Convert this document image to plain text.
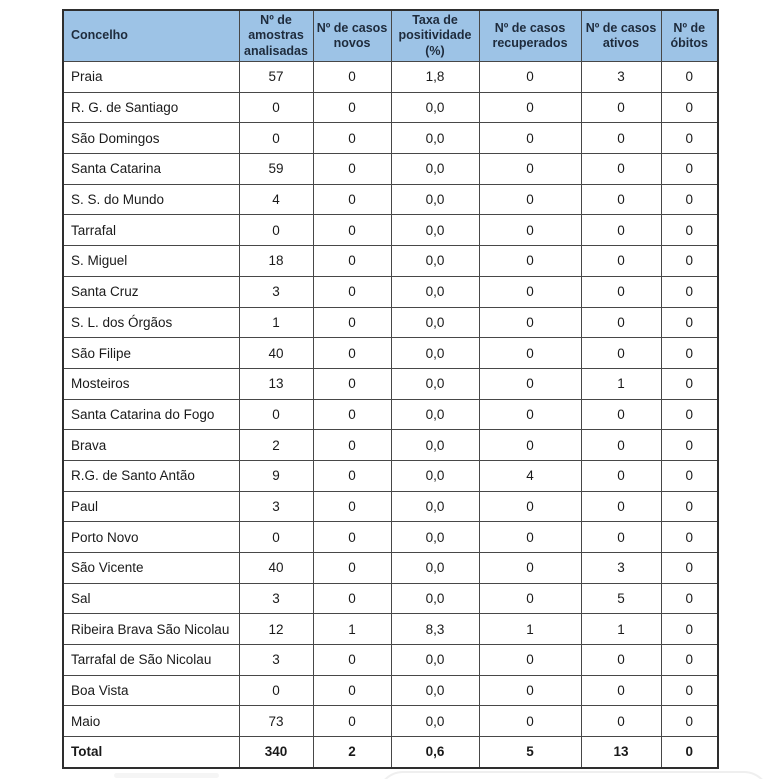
Concelho	Nº de amostras analisadas	Nº de casos novos	Taxa de positividade (%)	Nº de casos recuperados	Nº de casos ativos	Nº de óbitos
Praia	57	0	1,8	0	3	0
R. G. de Santiago	0	0	0,0	0	0	0
São Domingos	0	0	0,0	0	0	0
Santa Catarina	59	0	0,0	0	0	0
S. S. do Mundo	4	0	0,0	0	0	0
Tarrafal	0	0	0,0	0	0	0
S. Miguel	18	0	0,0	0	0	0
Santa Cruz	3	0	0,0	0	0	0
S. L. dos Órgãos	1	0	0,0	0	0	0
São Filipe	40	0	0,0	0	0	0
Mosteiros	13	0	0,0	0	1	0
Santa Catarina do Fogo	0	0	0,0	0	0	0
Brava	2	0	0,0	0	0	0
R.G. de Santo Antão	9	0	0,0	4	0	0
Paul	3	0	0,0	0	0	0
Porto Novo	0	0	0,0	0	0	0
São Vicente	40	0	0,0	0	3	0
Sal	3	0	0,0	0	5	0
Ribeira Brava São Nicolau	12	1	8,3	1	1	0
Tarrafal de São Nicolau	3	0	0,0	0	0	0
Boa Vista	0	0	0,0	0	0	0
Maio	73	0	0,0	0	0	0
Total	340	2	0,6	5	13	0
